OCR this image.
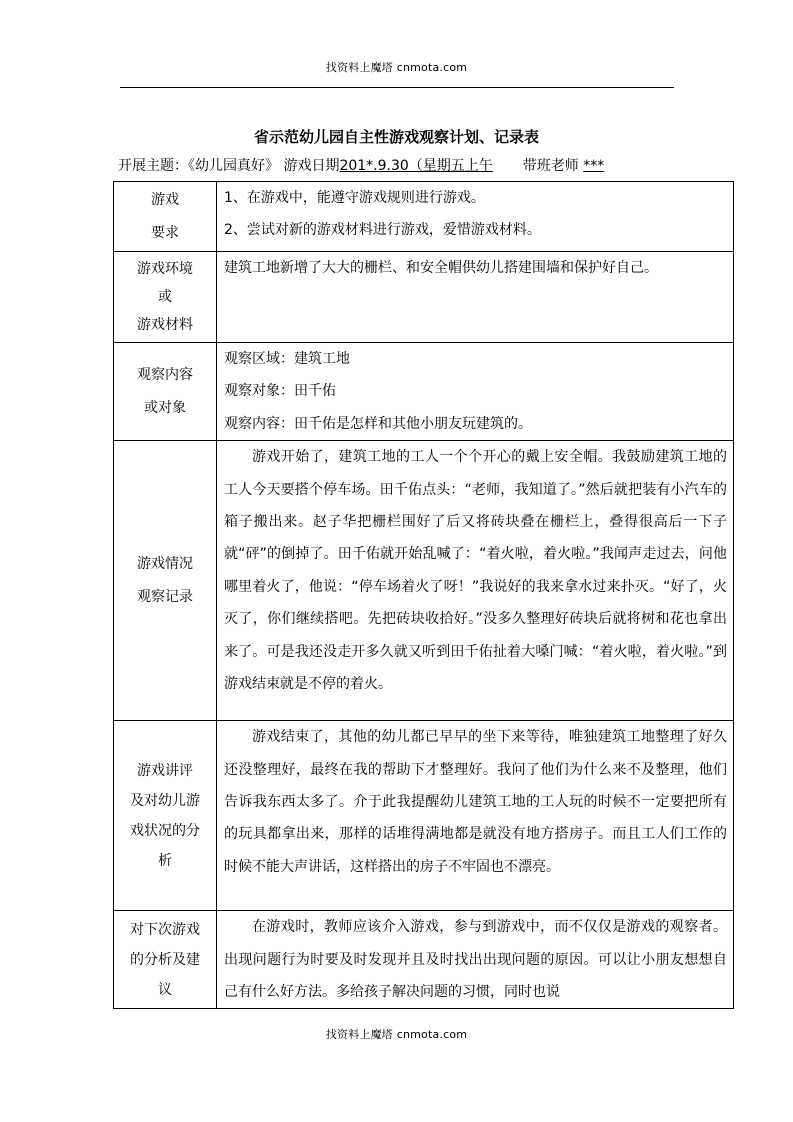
找资料上魔塔 cnmota.com
省示范幼儿园自主性游戏观察计划、记录表
开展主题：《幼儿园真好》 游戏日期201*.9.30（星期五上午 带班老师 ***
游戏
要求	1、在游戏中，能遵守游戏规则进行游戏。
2、尝试对新的游戏材料进行游戏，爱惜游戏材料。

游戏环境
或
游戏材料	建筑工地新增了大大的栅栏、和安全帽供幼儿搭建围墙和保护好自己。

观察内容
或对象	观察区域：建筑工地
观察对象：田千佑
观察内容：田千佑是怎样和其他小朋友玩建筑的。

游戏情况
观察记录	游戏开始了，建筑工地的工人一个个开心的戴上安全帽。我鼓励建筑工地的工人今天要搭个停车场。田千佑点头：“老师，我知道了。”然后就把装有小汽车的箱子搬出来。赵子华把栅栏围好了后又将砖块叠在栅栏上，叠得很高后一下子就“砰”的倒掉了。田千佑就开始乱喊了：“着火啦，着火啦。”我闻声走过去，问他哪里着火了，他说：“停车场着火了呀！”我说好的我来拿水过来扑灭。“好了，火灭了，你们继续搭吧。先把砖块收拾好。”没多久整理好砖块后就将树和花也拿出来了。可是我还没走开多久就又听到田千佑扯着大嗓门喊：“着火啦，着火啦。”到游戏结束就是不停的着火。

游戏讲评
及对幼儿游
戏状况的分
析	游戏结束了，其他的幼儿都已早早的坐下来等待，唯独建筑工地整理了好久还没整理好，最终在我的帮助下才整理好。我问了他们为什么来不及整理，他们告诉我东西太多了。介于此我提醒幼儿建筑工地的工人玩的时候不一定要把所有的玩具都拿出来，那样的话堆得满地都是就没有地方搭房子。而且工人们工作的时候不能大声讲话，这样搭出的房子不牢固也不漂亮。

对下次游戏
的分析及建
议	在游戏时，教师应该介入游戏，参与到游戏中，而不仅仅是游戏的观察者。出现问题行为时要及时发现并且及时找出出现问题的原因。可以让小朋友想想自己有什么好方法。多给孩子解决问题的习惯，同时也说
找资料上魔塔 cnmota.com
